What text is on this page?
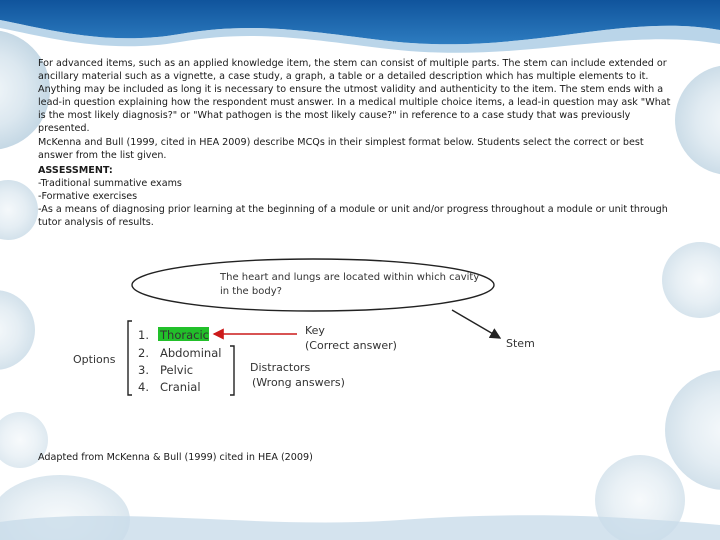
For advanced items, such as an applied knowledge item, the stem can consist of multiple parts. The stem can include extended or ancillary material such as a vignette, a case study, a graph, a table or a detailed description which has multiple elements to it. Anything may be included as long it is necessary to ensure the utmost validity and authenticity to the item. The stem ends with a lead-in question explaining how the respondent must answer. In a medical multiple choice items, a lead-in question may ask "What is the most likely diagnosis?" or "What pathogen is the most likely cause?" in reference to a case study that was previously presented.

McKenna and Bull (1999, cited in HEA 2009) describe MCQs in their simplest format below. Students select the correct or best answer from the list given.

ASSESSMENT:

-Traditional summative exams

-Formative exercises

-As a means of diagnosing prior learning at the beginning of a module or unit and/or progress throughout a module or unit through tutor analysis of results.

The heart and lungs are located within which cavity
in the body?
Stem
Options
1.
2.
3.
4.
Thoracic
Abdominal
Pelvic
Cranial
Key
(Correct answer)
Distractors
(Wrong answers)
Adapted from McKenna & Bull (1999) cited in HEA (2009)
